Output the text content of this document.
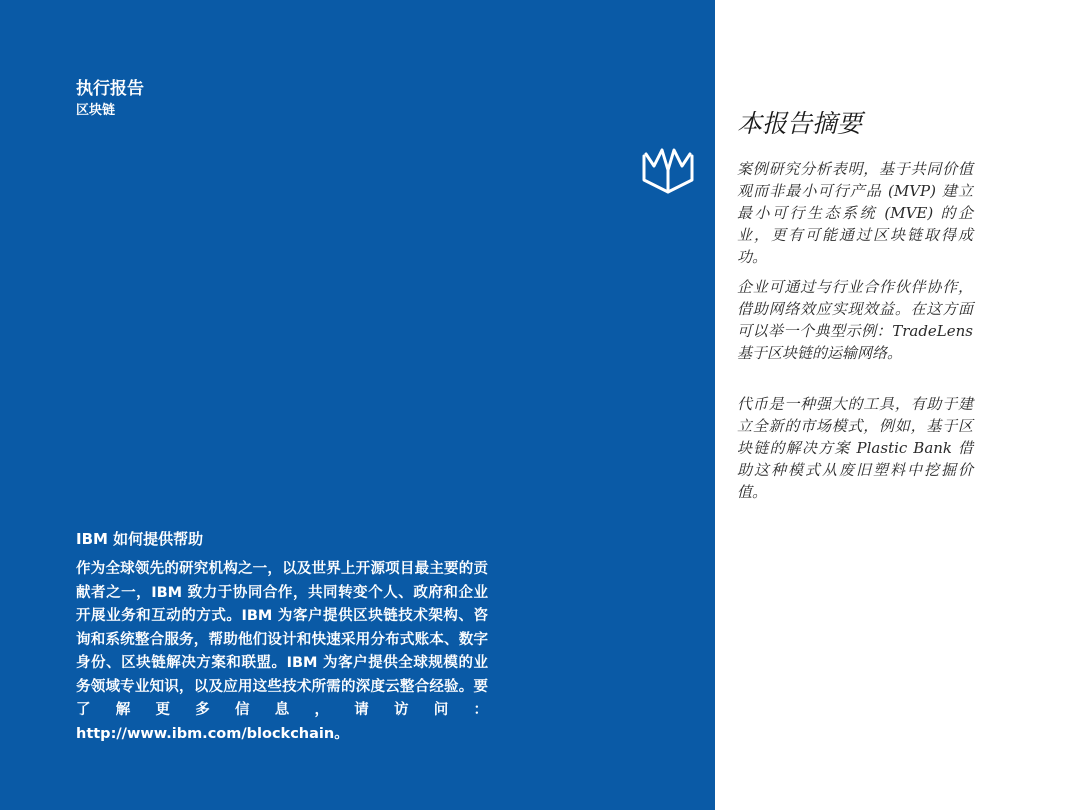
执行报告

区块链

IBM 如何提供帮助

作为全球领先的研究机构之一，以及世界上开源项目最主要的贡献者之一，IBM 致力于协同合作，共同转变个人、政府和企业开展业务和互动的方式。IBM 为客户提供区块链技术架构、咨询和系统整合服务，帮助他们设计和快速采用分布式账本、数字身份、区块链解决方案和联盟。IBM 为客户提供全球规模的业务领域专业知识，以及应用这些技术所需的深度云整合经验。要了解更多信息，请访问：http://www.ibm.com/blockchain。

本报告摘要

案例研究分析表明，基于共同价值观而非最小可行产品 (MVP) 建立最小可行生态系统 (MVE) 的企业，更有可能通过区块链取得成功。

企业可通过与行业合作伙伴协作，借助网络效应实现效益。在这方面可以举一个典型示例：TradeLens 基于区块链的运输网络。

代币是一种强大的工具，有助于建立全新的市场模式，例如，基于区块链的解决方案 Plastic Bank 借助这种模式从废旧塑料中挖掘价值。
